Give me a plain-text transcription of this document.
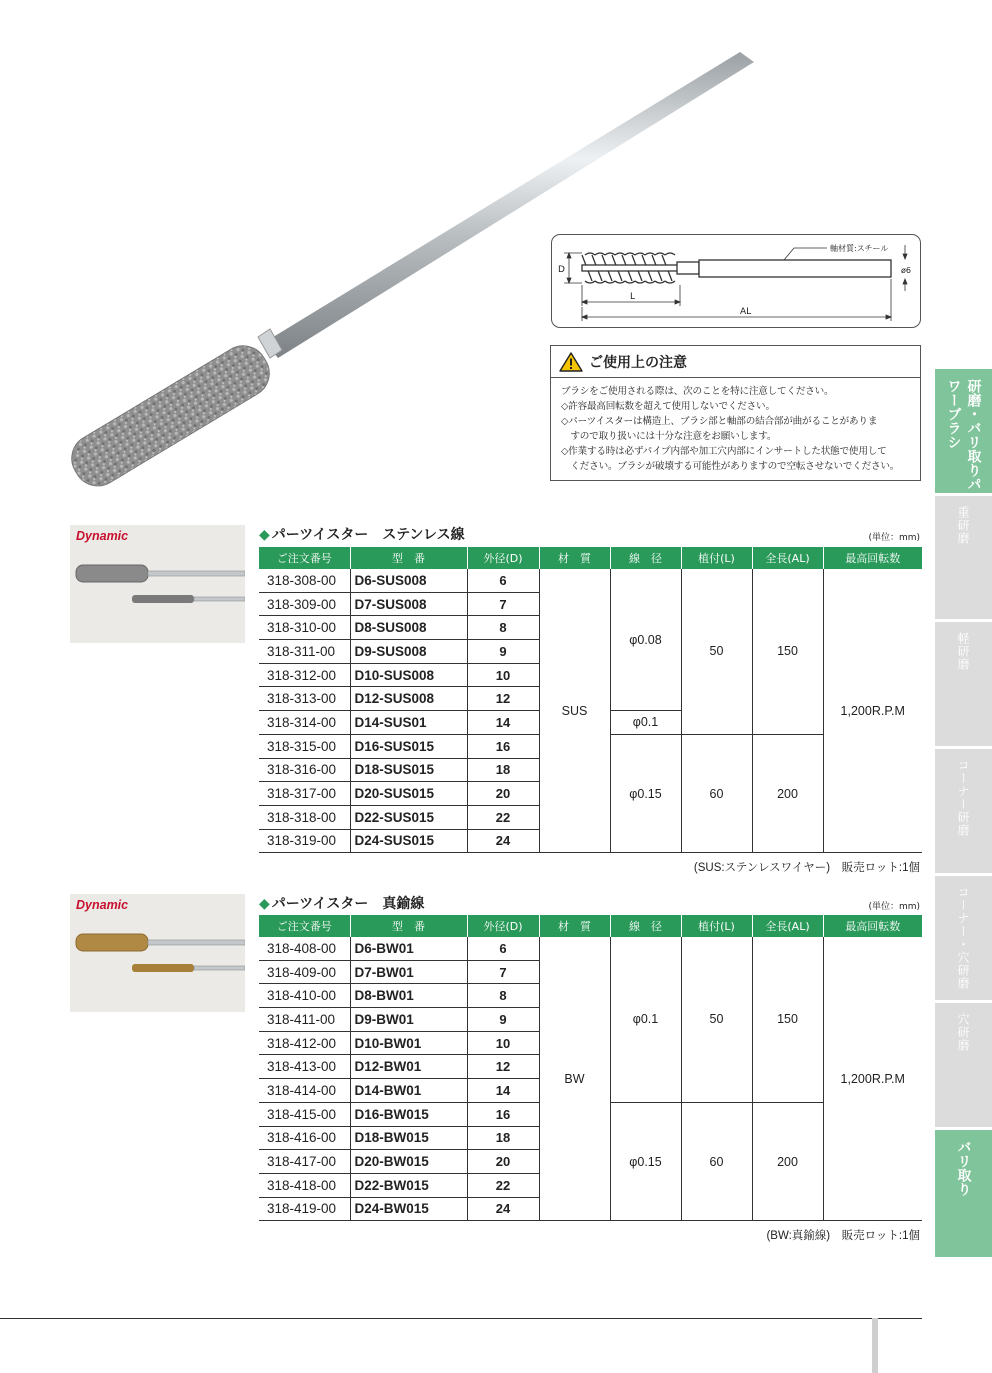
D
L
AL
ø6
軸材質:スチール
ご使用上の注意
ブラシをご使用される際は、次のことを特に注意してください。
◇許容最高回転数を超えて使用しないでください。
◇パーツイスターは構造上、ブラシ部と軸部の結合部が曲がることがありま
　すので取り扱いには十分な注意をお願いします。
◇作業する時は必ずパイプ内部や加工穴内部にインサートした状態で使用して
　ください。ブラシが破壊する可能性がありますので空転させないでください。	研磨・バリ取りパワーブラシ
重研磨
軽研磨
コーナー研磨
コーナー・穴研磨
穴研磨
バリ取り
Dynamic	◆ パーツイスター　ステンレス線	(単位：mm)
ご注文番号	型　番	外径(D)	材　質	線　径	植付(L)	全長(AL)	最高回転数
318-308-00	D6-SUS008	6	SUS	φ0.08	50	150	1,200R.P.M
318-309-00	D7-SUS008	7					
318-310-00	D8-SUS008	8					
318-311-00	D9-SUS008	9					
318-312-00	D10-SUS008	10					
318-313-00	D12-SUS008	12					
318-314-00	D14-SUS01	14		φ0.1			
318-315-00	D16-SUS015	16		φ0.15	60	200	
318-316-00	D18-SUS015	18					
318-317-00	D20-SUS015	20					
318-318-00	D22-SUS015	22					
318-319-00	D24-SUS015	24					
(SUS:ステンレスワイヤー)　販売ロット:1個
Dynamic	◆ パーツイスター　真鍮線	(単位：mm)
ご注文番号	型　番	外径(D)	材　質	線　径	植付(L)	全長(AL)	最高回転数
318-408-00	D6-BW01	6	BW	φ0.1	50	150	1,200R.P.M
318-409-00	D7-BW01	7					
318-410-00	D8-BW01	8					
318-411-00	D9-BW01	9					
318-412-00	D10-BW01	10					
318-413-00	D12-BW01	12					
318-414-00	D14-BW01	14					
318-415-00	D16-BW015	16		φ0.15	60	200	
318-416-00	D18-BW015	18					
318-417-00	D20-BW015	20					
318-418-00	D22-BW015	22					
318-419-00	D24-BW015	24					
(BW:真鍮線)　販売ロット:1個
